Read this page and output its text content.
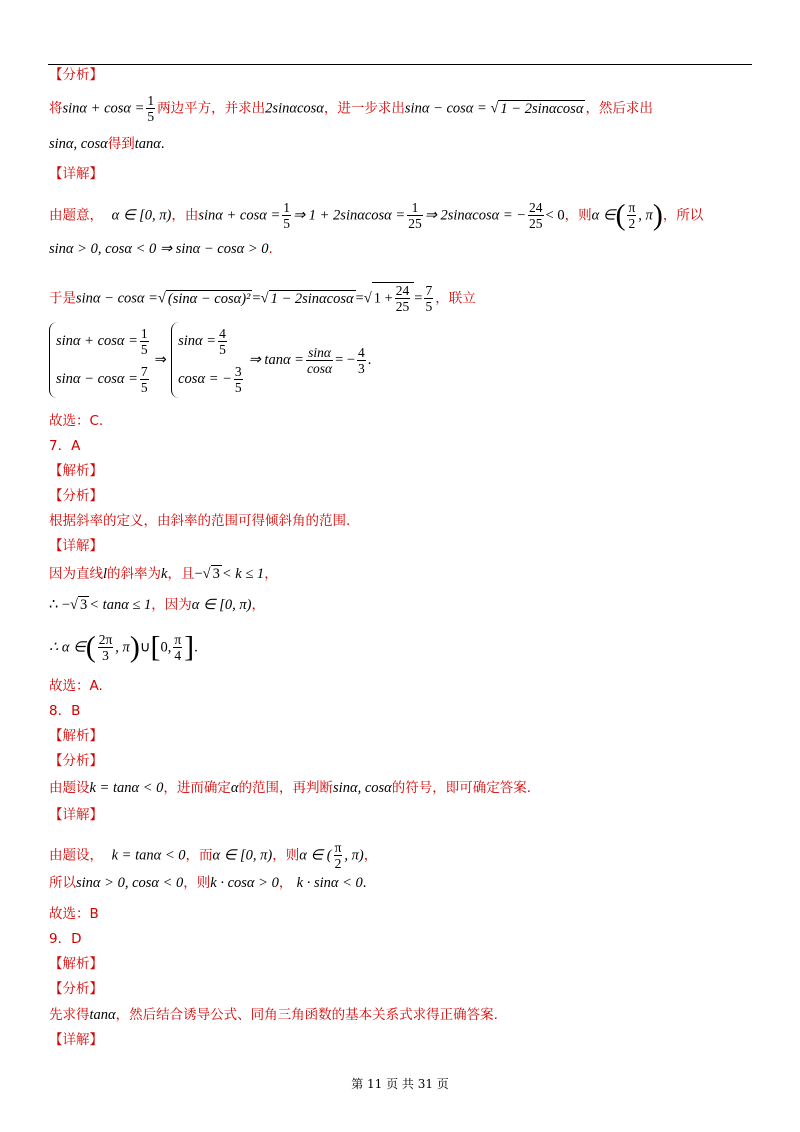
【分析】
将$\sin\alpha + \cos\alpha = \frac{1}{5}$ 两边平方，并求出2sinαcosα，进一步求出sinα − cosα = √ 1 − 2sinαcosα ，然后求出
sinα, cosα得到tanα.
【详解】
由题意， α ∈ [0, π)，由$\sin\alpha + \cos\alpha = \frac{1}{5}$ ⇒ $1 + 2\sin\alpha\cos\alpha = \frac{1}{25}$ ⇒ 2sinαcosα = − $\frac{24}{25} < 0$，则α ∈( $\frac{\pi}{2}$ , π)，所以
sinα > 0, cosα < 0 ⇒ sinα − cosα > 0.
于是sinα − cosα =√ (sinα − cosα)² =√ 1 − 2sinαcosα =√ $1 + \frac{24}{25} = \frac{7}{5}$ ，联立
$\sin\alpha + \cos\alpha = \frac{1}{5}$
$\sin\alpha - \cos\alpha = \frac{7}{5}$
⇒
$\sin\alpha = \frac{4}{5}$
cosα = − $\frac{3}{5}$
⇒ $\tan\alpha = \frac{\sin\alpha}{\cos\alpha}$ = − $\frac{4}{3}$ .
故选：C.
7．A
【解析】
【分析】
根据斜率的定义，由斜率的范围可得倾斜角的范围.
【详解】
因为直线l的斜率为k，且−√ 3 < k ≤ 1，
∴ −√ 3 < tanα ≤ 1，因为α ∈ [0, π)，
∴ α ∈( $\frac{2\pi}{3}$ , π)∪[0, $\frac{\pi}{4}$ ].
故选：A.
8．B
【解析】
【分析】
由题设k = tanα < 0，进而确定α的范围，再判断sinα, cosα的符号，即可确定答案.
【详解】
由题设， k = tanα < 0，而α ∈ [0, π)，则α ∈ ( $\frac{\pi}{2}$ , π)，
所以sinα > 0, cosα < 0，则k · cosα > 0， k · sinα < 0.
故选：B
9．D
【解析】
【分析】
先求得tanα，然后结合诱导公式、同角三角函数的基本关系式求得正确答案.
【详解】
第 11 页 共 31 页
